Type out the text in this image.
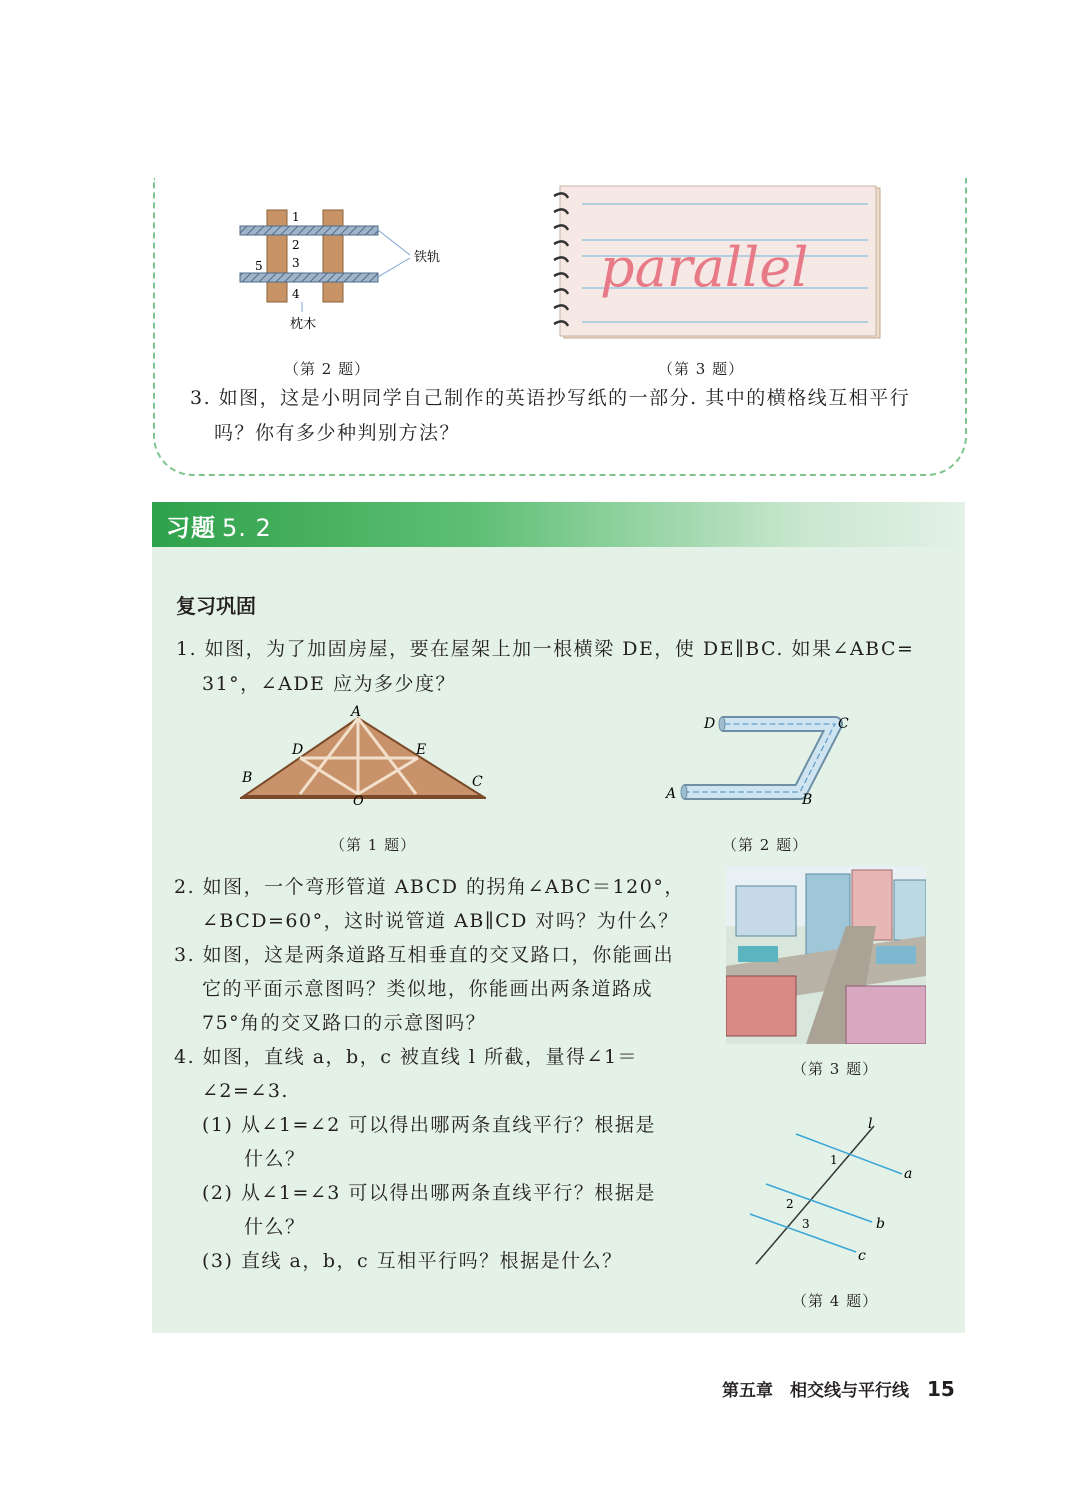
1
2
3
4
5
铁轨
枕木
（第 2 题）
parallel
（第 3 题）
3. 如图，这是小明同学自己制作的英语抄写纸的一部分. 其中的横格线互相平行
吗？你有多少种判别方法？
习题 5. 2
复习巩固
1. 如图，为了加固房屋，要在屋架上加一根横梁 DE，使 DE∥BC. 如果∠ABC=
31°，∠ADE 应为多少度？
A
B	C
D	E
O
（第 1 题）
A	B
C
D
（第 2 题）
2. 如图，一个弯形管道 ABCD 的拐角∠ABC＝120°，
∠BCD=60°，这时说管道 AB∥CD 对吗？为什么？
3. 如图，这是两条道路互相垂直的交叉路口，你能画出
它的平面示意图吗？类似地，你能画出两条道路成
75°角的交叉路口的示意图吗？
（第 3 题）
4. 如图，直线 a，b，c 被直线 l 所截，量得∠1＝
∠2=∠3.
(1) 从∠1=∠2 可以得出哪两条直线平行？根据是
什么？
(2) 从∠1=∠3 可以得出哪两条直线平行？根据是
什么？
(3) 直线 a，b，c 互相平行吗？根据是什么？
l
a
b
c
1
2
3
（第 4 题）
第五章　相交线与平行线 15
